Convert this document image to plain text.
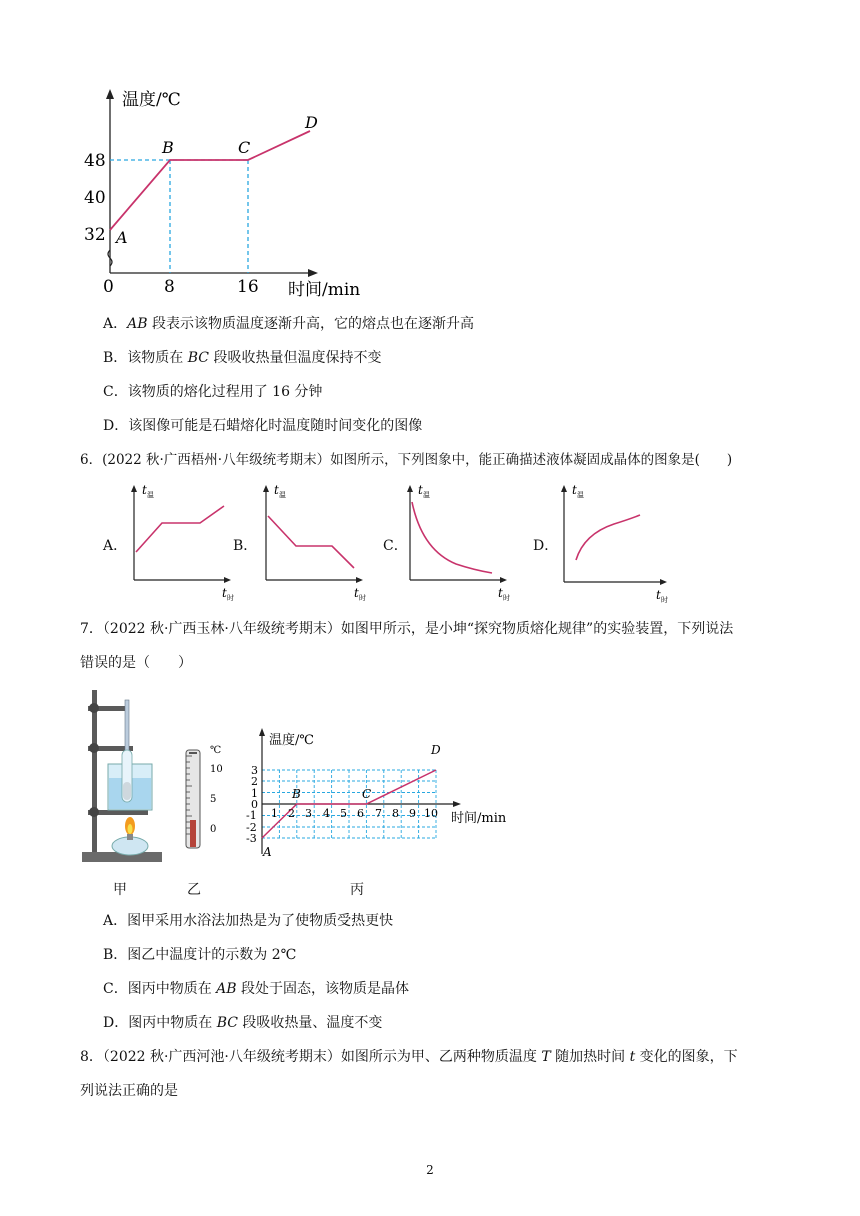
温度/℃
时间/min
48
40
32
0	8	16
A
B	C
D
A．AB 段表示该物质温度逐渐升高，它的熔点也在逐渐升高
B．该物质在 BC 段吸收热量但温度保持不变
C．该物质的熔化过程用了 16 分钟
D．该图像可能是石蜡熔化时温度随时间变化的图像
6．(2022 秋·广西梧州·八年级统考期末）如图所示，下列图象中，能正确描述液体凝固成晶体的图象是(　　)
A．
t 温
t 时
B．
t 温
t 时
C．
t 温
t 时
D．
t 温
t 时
7．（2022 秋·广西玉林·八年级统考期末）如图甲所示，是小坤“探究物质熔化规律”的实验装置，下列说法
错误的是（　　）
甲
℃
10
5
0
乙
温度/℃
时间/min
3
2
1
0
-1
-2
-3
1 2 3 4 5 6 7 8 9 10
A
B	C
D
丙
A．图甲采用水浴法加热是为了使物质受热更快
B．图乙中温度计的示数为 2℃
C．图丙中物质在 AB 段处于固态，该物质是晶体
D．图丙中物质在 BC 段吸收热量、温度不变
8．（2022 秋·广西河池·八年级统考期末）如图所示为甲、乙两种物质温度 T 随加热时间 t 变化的图象，下
列说法正确的是
2
